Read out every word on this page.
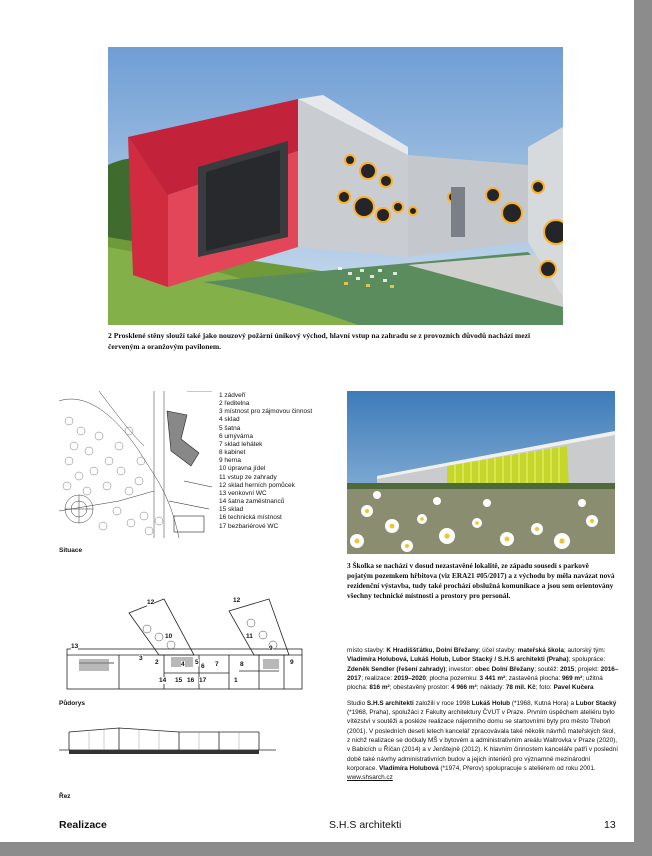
2 Prosklené stěny slouží také jako nouzový požární únikový východ, hlavní vstup na zahradu se z provozních důvodů nachází mezi červeným a oranžovým pavilonem.
Situace
1 zádveří
2 ředitelna
3 místnost pro zájmovou činnost
4 sklad
5 šatna
6 umývárna
7 sklad lehátek
8 kabinet
9 herna
10 úpravna jídel
11 vstup ze zahrady
12 sklad herních pomůcek
13 venkovní WC
14 šatna zaměstnanců
15 sklad
16 technická místnost
17 bezbariérové WC
3 Školka se nachází v dosud nezastavěné lokalitě, ze západu sousedí s parkově pojatým pozemkem hřbitova (viz ERA21 #05/2017) a z východu by měla navázat nová rezidenční výstavba, tudy také prochází obslužná komunikace a jsou sem orientovány všechny technické místnosti a prostory pro personál.
12	12
10	11
13	9
3
2	4 5
6 7	8
14 15 16 17	1
9
Půdorys
Řez

místo stavby: K Hradiššťátku, Dolní Břežany; účel stavby: mateřská škola; autorský tým: Vladimíra Holubová, Lukáš Holub, Lubor Stacký / S.H.S architekti (Praha); spolupráce: Zdeněk Sendler (řešení zahrady); investor: obec Dolní Břežany; soutěž: 2015; projekt: 2016–2017; realizace: 2019–2020; plocha pozemku: 3 441 m²; zastavěná plocha: 969 m²; užitná plocha: 816 m²; obestavěný prostor: 4 966 m³; náklady: 78 mil. Kč; foto: Pavel Kučera

Studio S.H.S architekti založili v roce 1998 Lukáš Holub (*1968, Kutná Hora) a Lubor Stacký (*1968, Praha), spolužáci z Fakulty architektury ČVUT v Praze. Prvním úspěchem ateliéru bylo vítězství v soutěži a posléze realizace nájemního domu se startovními byty pro město Třeboň (2001). V posledních deseti letech kancelář zpracovávala také několik návrhů mateřských škol, z nichž realizace se dočkaly MŠ v bytovém a administrativním areálu Waltrovka v Praze (2020), v Babicích u Říčan (2014) a v Jenštejně (2012). K hlavním činnostem kanceláře patří v poslední době také návrhy administrativních budov a jejich interiérů pro významné mezinárodní korporace. Vladimíra Holubová (*1974, Přerov) spolupracuje s ateliérem od roku 2001.
www.shsarch.cz

Realizace	S.H.S architekti	13
